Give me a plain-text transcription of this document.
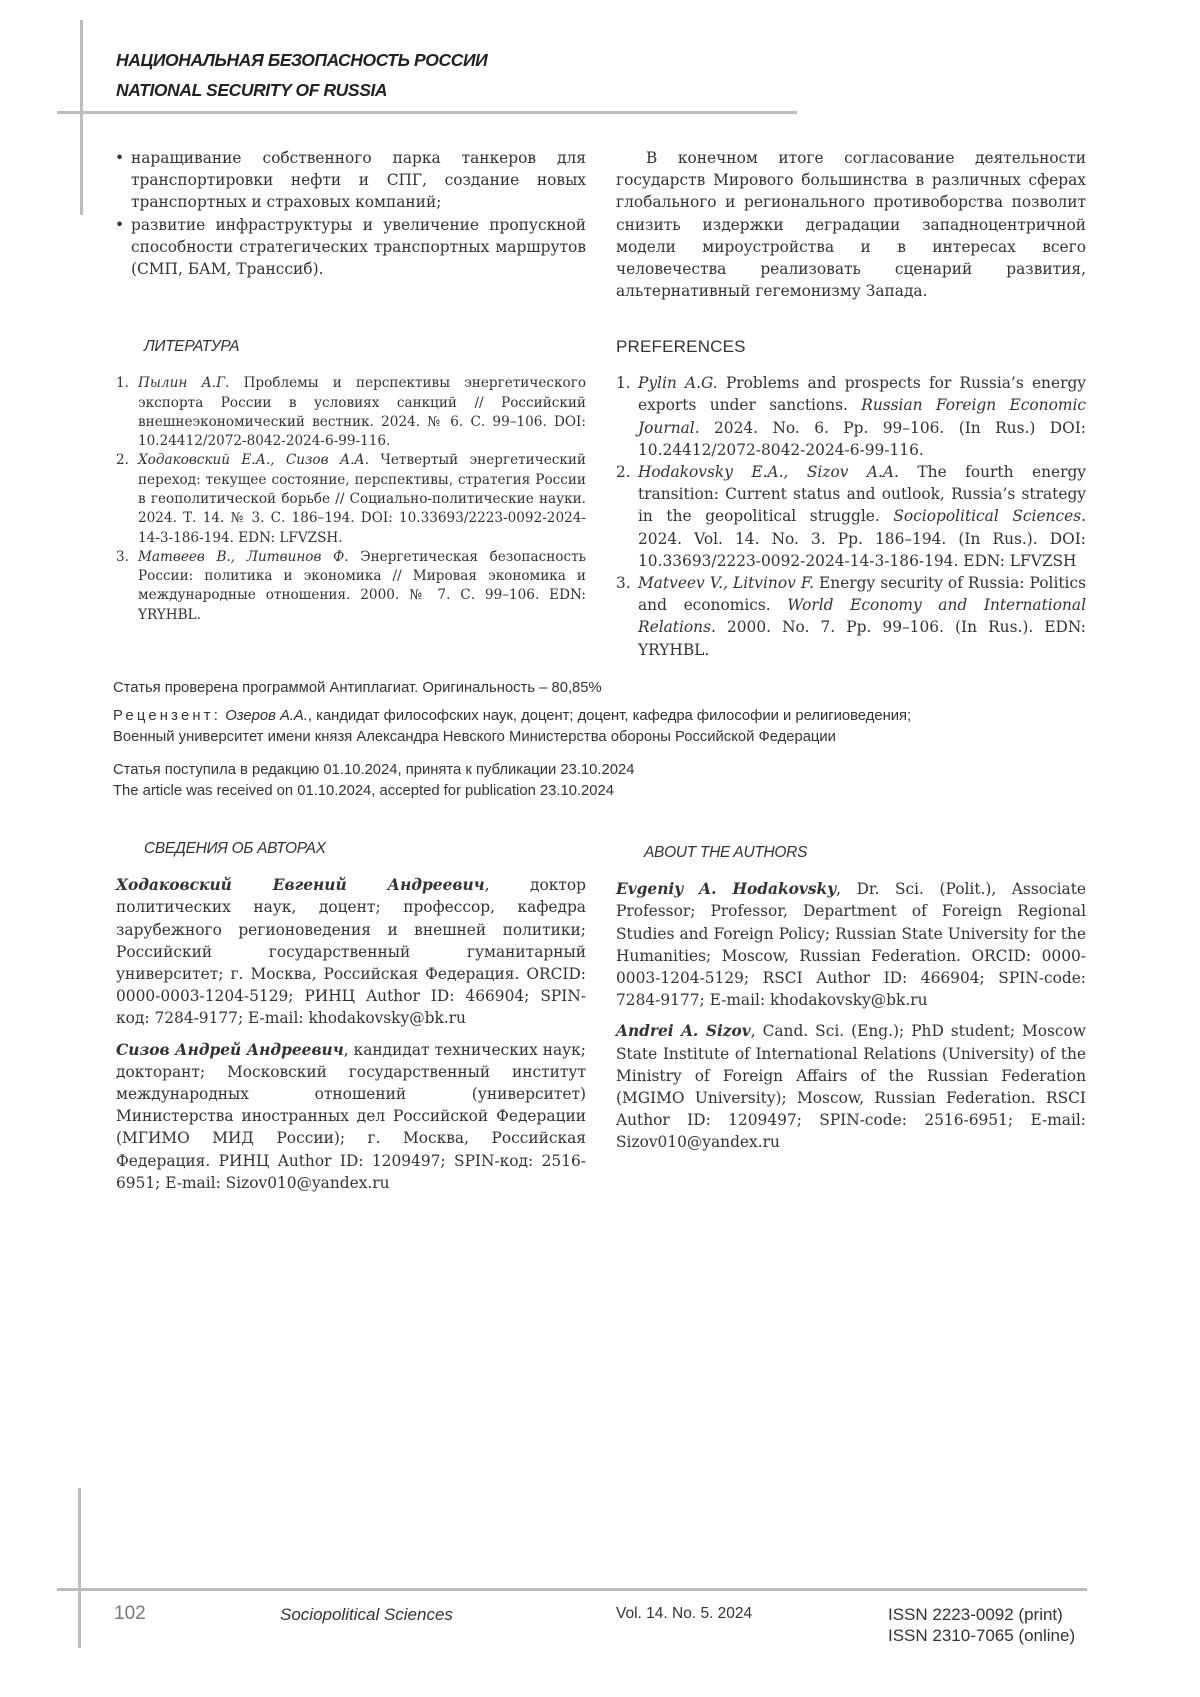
НАЦИОНАЛЬНАЯ БЕЗОПАСНОСТЬ РОССИИ
NATIONAL SECURITY OF RUSSIA
• наращивание собственного парка танкеров для транспортировки нефти и СПГ, создание новых транспортных и страховых компаний;
• развитие инфраструктуры и увеличение пропускной способности стратегических транспортных маршрутов (СМП, БАМ, Транссиб).

В конечном итоге согласование деятельности государств Мирового большинства в различных сферах глобального и регионального противоборства позволит снизить издержки деградации западноцентричной модели мироустройства и в интересах всего человечества реализовать сценарий развития, альтернативный гегемонизму Запада.

ЛИТЕРАТУРА
1. Пылин А.Г. Проблемы и перспективы энергетического экспорта России в условиях санкций // Российский внешнеэкономический вестник. 2024. № 6. С. 99–106. DOI: 10.24412/2072-8042-2024-6-99-116.
2. Ходаковский Е.А., Сизов А.А. Четвертый энергетический переход: текущее состояние, перспективы, стратегия России в геополитической борьбе // Социально-политические науки. 2024. Т. 14. № 3. С. 186–194. DOI: 10.33693/2223-0092-2024-14-3-186-194. EDN: LFVZSH.
3. Матвеев В., Литвинов Ф. Энергетическая безопасность России: политика и экономика // Мировая экономика и международные отношения. 2000. № 7. С. 99–106. EDN: YRYHBL.
PREFERENCES
1. Pylin A.G. Problems and prospects for Russia’s energy exports under sanctions. Russian Foreign Economic Journal. 2024. No. 6. Pp. 99–106. (In Rus.) DOI: 10.24412/2072-8042-2024-6-99-116.
2. Hodakovsky E.A., Sizov A.A. The fourth energy transition: Current status and outlook, Russia’s strategy in the geopolitical struggle. Sociopolitical Sciences. 2024. Vol. 14. No. 3. Pp. 186–194. (In Rus.). DOI: 10.33693/2223-0092-2024-14-3-186-194. EDN: LFVZSH
3. Matveev V., Litvinov F. Energy security of Russia: Politics and economics. World Economy and International Relations. 2000. No. 7. Pp. 99–106. (In Rus.). EDN: YRYHBL.
Статья проверена программой Антиплагиат. Оригинальность – 80,85%
Рецензент: Озеров А.А., кандидат философских наук, доцент; доцент, кафедра философии и религиоведения;
Военный университет имени князя Александра Невского Министерства обороны Российской Федерации
Статья поступила в редакцию 01.10.2024, принята к публикации 23.10.2024
The article was received on 01.10.2024, accepted for publication 23.10.2024
СВЕДЕНИЯ ОБ АВТОРАХ

Ходаковский Евгений Андреевич, доктор политических наук, доцент; профессор, кафедра зарубежного регионоведения и внешней политики; Российский государственный гуманитарный университет; г. Москва, Российская Федерация. ORCID: 0000-0003-1204-5129; РИНЦ Author ID: 466904; SPIN-код: 7284-9177; E-mail: khodakovsky@bk.ru

Сизов Андрей Андреевич, кандидат технических наук; докторант; Московский государственный институт международных отношений (университет) Министерства иностранных дел Российской Федерации (МГИМО МИД России); г. Москва, Российская Федерация. РИНЦ Author ID: 1209497; SPIN-код: 2516-6951; E-mail: Sizov010@yandex.ru

ABOUT THE AUTHORS

Evgeniy A. Hodakovsky, Dr. Sci. (Polit.), Associate Professor; Professor, Department of Foreign Regional Studies and Foreign Policy; Russian State University for the Humanities; Moscow, Russian Federation. ORCID: 0000-0003-1204-5129; RSCI Author ID: 466904; SPIN-code: 7284-9177; E-mail: khodakovsky@bk.ru

Andrei A. Sizov, Cand. Sci. (Eng.); PhD student; Moscow State Institute of International Relations (University) of the Ministry of Foreign Affairs of the Russian Federation (MGIMO University); Moscow, Russian Federation. RSCI Author ID: 1209497; SPIN-code: 2516-6951; E-mail: Sizov010@yandex.ru

102	Sociopolitical Sciences	Vol. 14. No. 5. 2024	ISSN 2223-0092 (print)
ISSN 2310-7065 (online)
